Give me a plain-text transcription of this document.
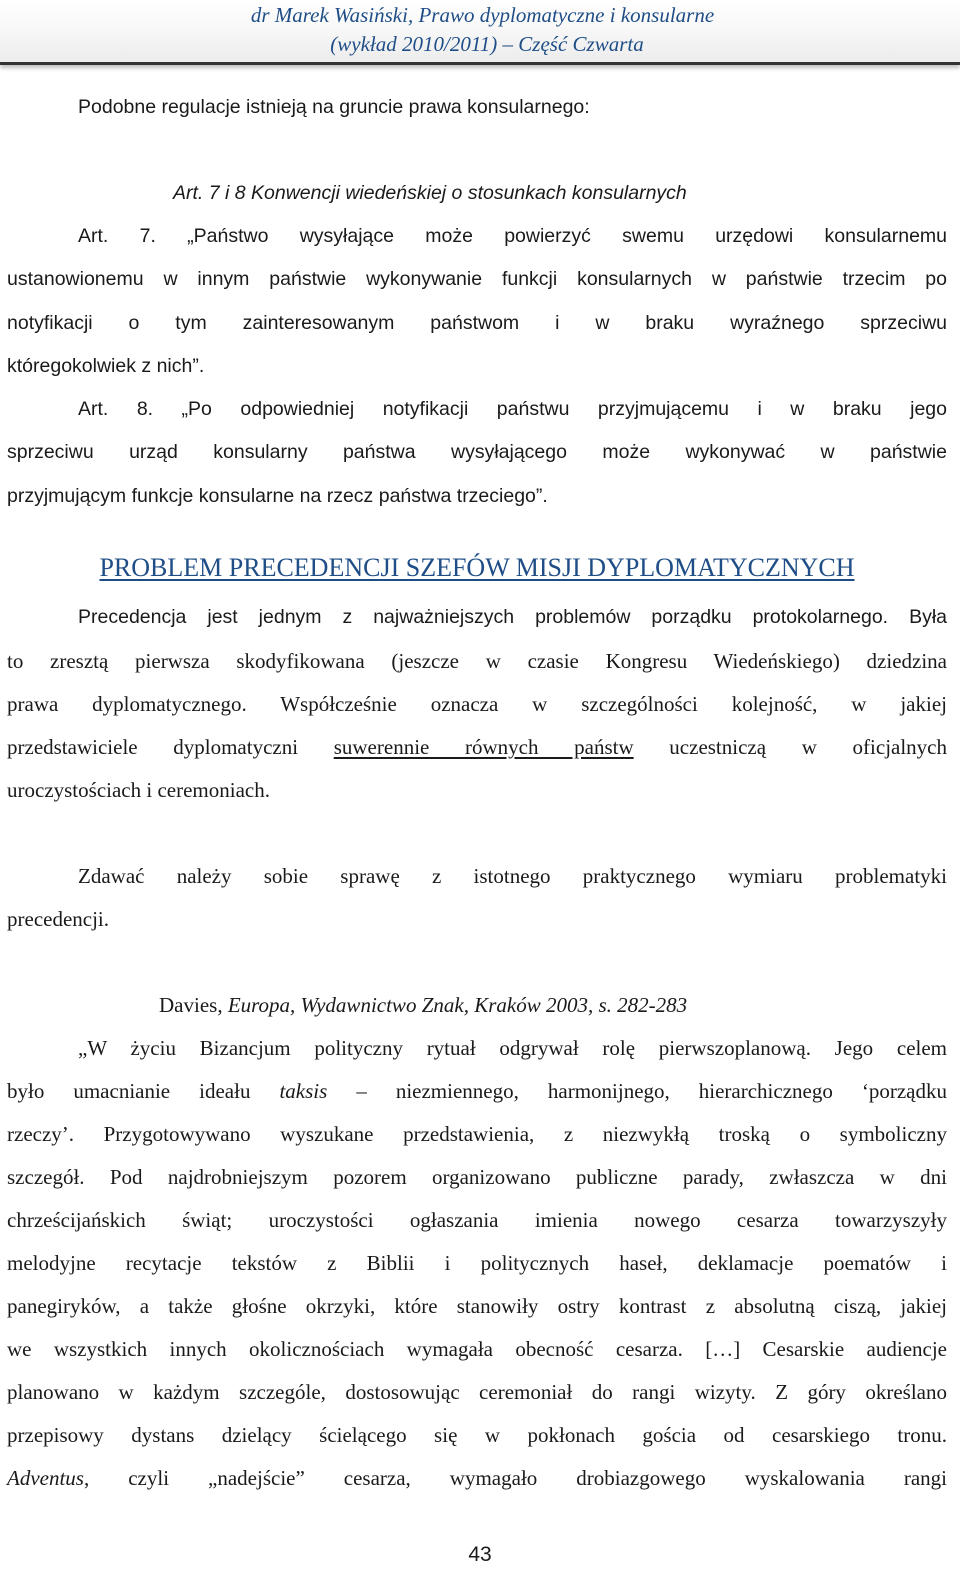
dr Marek Wasiński, Prawo dyplomatyczne i konsularne
(wykład 2010/2011) – Część Czwarta

Podobne regulacje istnieją na gruncie prawa konsularnego:

Art. 7 i 8 Konwencji wiedeńskiej o stosunkach konsularnych

Art. 7. „Państwo wysyłające może powierzyć swemu urzędowi konsularnemu

ustanowionemu w innym państwie wykonywanie funkcji konsularnych w państwie trzecim po

notyfikacji o tym zainteresowanym państwom i w braku wyraźnego sprzeciwu

któregokolwiek z nich”.

Art. 8. „Po odpowiedniej notyfikacji państwu przyjmującemu i w braku jego

sprzeciwu urząd konsularny państwa wysyłającego może wykonywać w państwie

przyjmującym funkcje konsularne na rzecz państwa trzeciego”.

PROBLEM PRECEDENCJI SZEFÓW MISJI DYPLOMATYCZNYCH

Precedencja jest jednym z najważniejszych problemów porządku protokolarnego. Była

to zresztą pierwsza skodyfikowana (jeszcze w czasie Kongresu Wiedeńskiego) dziedzina

prawa dyplomatycznego. Współcześnie oznacza w szczególności kolejność, w jakiej

przedstawiciele dyplomatyczni suwerennie równych państw uczestniczą w oficjalnych

uroczystościach i ceremoniach.

Zdawać należy sobie sprawę z istotnego praktycznego wymiaru problematyki

precedencji.

Davies, Europa, Wydawnictwo Znak, Kraków 2003, s. 282-283

„W życiu Bizancjum polityczny rytuał odgrywał rolę pierwszoplanową. Jego celem

było umacnianie ideału taksis – niezmiennego, harmonijnego, hierarchicznego ‘porządku

rzeczy’. Przygotowywano wyszukane przedstawienia, z niezwykłą troską o symboliczny

szczegół. Pod najdrobniejszym pozorem organizowano publiczne parady, zwłaszcza w dni

chrześcijańskich świąt; uroczystości ogłaszania imienia nowego cesarza towarzyszyły

melodyjne recytacje tekstów z Biblii i politycznych haseł, deklamacje poematów i

panegiryków, a także głośne okrzyki, które stanowiły ostry kontrast z absolutną ciszą, jakiej

we wszystkich innych okolicznościach wymagała obecność cesarza. […] Cesarskie audiencje

planowano w każdym szczególe, dostosowując ceremoniał do rangi wizyty. Z góry określano

przepisowy dystans dzielący ścielącego się w pokłonach gościa od cesarskiego tronu.

Adventus, czyli „nadejście” cesarza, wymagało drobiazgowego wyskalowania rangi

43
